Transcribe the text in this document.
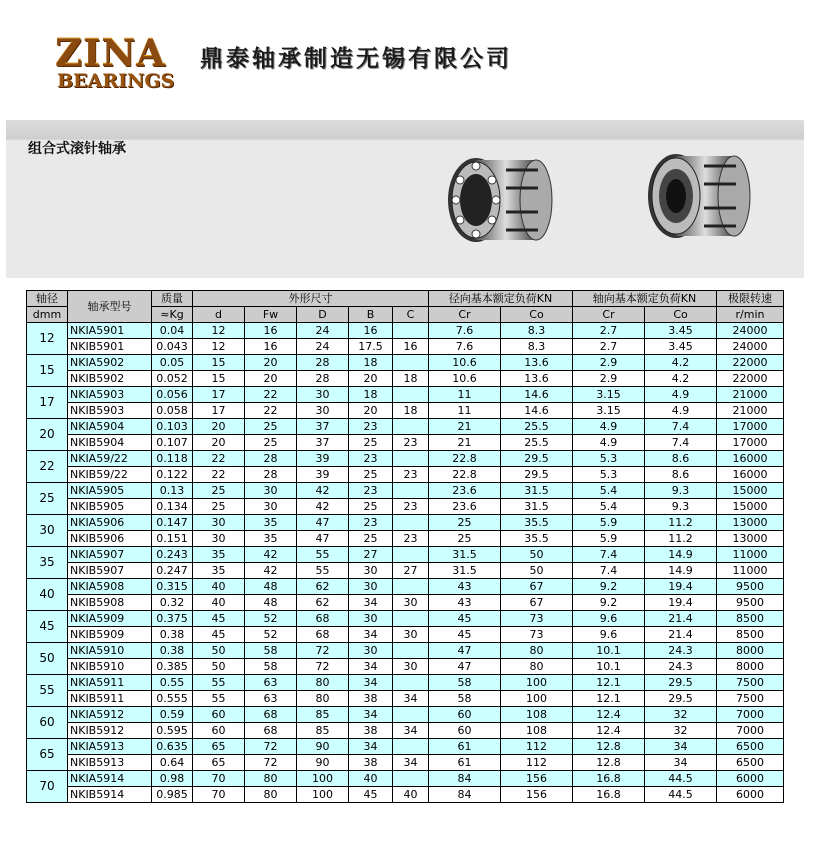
ZINA
BEARINGS
鼎泰轴承制造无锡有限公司
组合式滚针轴承
轴径	轴承型号	质量	外形尺寸					径向基本额定负荷KN		轴向基本额定负荷KN		极限转速
dmm		≈Kg	d	Fw	D	B	C	Cr	Co	Cr	Co	r/min
12	NKIA5901	0.04	12	16	24	16		7.6	8.3	2.7	3.45	24000
	NKIB5901	0.043	12	16	24	17.5	16	7.6	8.3	2.7	3.45	24000
15	NKIA5902	0.05	15	20	28	18		10.6	13.6	2.9	4.2	22000
	NKIB5902	0.052	15	20	28	20	18	10.6	13.6	2.9	4.2	22000
17	NKIA5903	0.056	17	22	30	18		11	14.6	3.15	4.9	21000
	NKIB5903	0.058	17	22	30	20	18	11	14.6	3.15	4.9	21000
20	NKIA5904	0.103	20	25	37	23		21	25.5	4.9	7.4	17000
	NKIB5904	0.107	20	25	37	25	23	21	25.5	4.9	7.4	17000
22	NKIA59/22	0.118	22	28	39	23		22.8	29.5	5.3	8.6	16000
	NKIB59/22	0.122	22	28	39	25	23	22.8	29.5	5.3	8.6	16000
25	NKIA5905	0.13	25	30	42	23		23.6	31.5	5.4	9.3	15000
	NKIB5905	0.134	25	30	42	25	23	23.6	31.5	5.4	9.3	15000
30	NKIA5906	0.147	30	35	47	23		25	35.5	5.9	11.2	13000
	NKIB5906	0.151	30	35	47	25	23	25	35.5	5.9	11.2	13000
35	NKIA5907	0.243	35	42	55	27		31.5	50	7.4	14.9	11000
	NKIB5907	0.247	35	42	55	30	27	31.5	50	7.4	14.9	11000
40	NKIA5908	0.315	40	48	62	30		43	67	9.2	19.4	9500
	NKIB5908	0.32	40	48	62	34	30	43	67	9.2	19.4	9500
45	NKIA5909	0.375	45	52	68	30		45	73	9.6	21.4	8500
	NKIB5909	0.38	45	52	68	34	30	45	73	9.6	21.4	8500
50	NKIA5910	0.38	50	58	72	30		47	80	10.1	24.3	8000
	NKIB5910	0.385	50	58	72	34	30	47	80	10.1	24.3	8000
55	NKIA5911	0.55	55	63	80	34		58	100	12.1	29.5	7500
	NKIB5911	0.555	55	63	80	38	34	58	100	12.1	29.5	7500
60	NKIA5912	0.59	60	68	85	34		60	108	12.4	32	7000
	NKIB5912	0.595	60	68	85	38	34	60	108	12.4	32	7000
65	NKIA5913	0.635	65	72	90	34		61	112	12.8	34	6500
	NKIB5913	0.64	65	72	90	38	34	61	112	12.8	34	6500
70	NKIA5914	0.98	70	80	100	40		84	156	16.8	44.5	6000
	NKIB5914	0.985	70	80	100	45	40	84	156	16.8	44.5	6000
